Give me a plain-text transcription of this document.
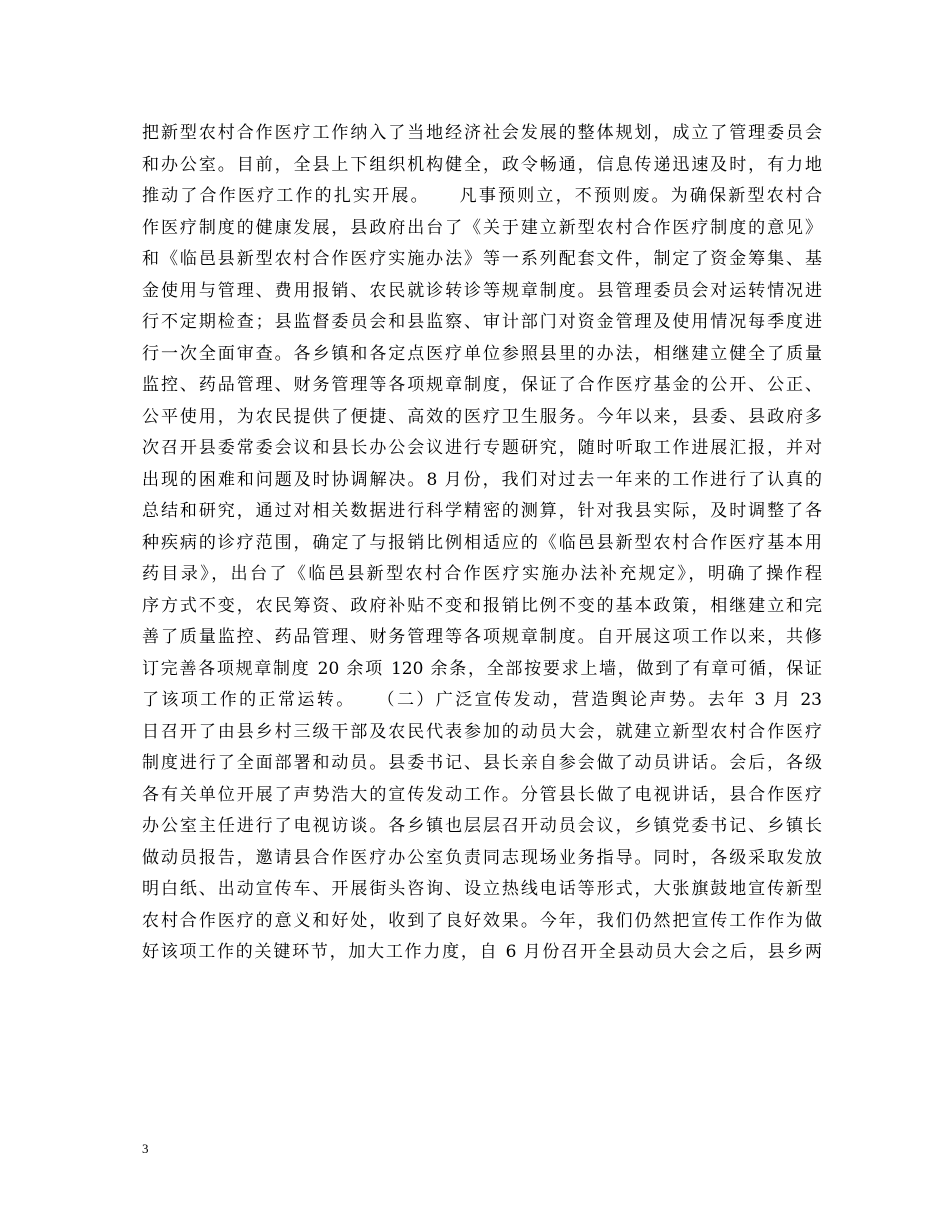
把新型农村合作医疗工作纳入了当地经济社会发展的整体规划，成立了管理委员会
和办公室。目前，全县上下组织机构健全，政令畅通，信息传递迅速及时，有力地
推动了合作医疗工作的扎实开展。　　凡事预则立，不预则废。为确保新型农村合
作医疗制度的健康发展，县政府出台了《关于建立新型农村合作医疗制度的意见》
和《临邑县新型农村合作医疗实施办法》等一系列配套文件，制定了资金筹集、基
金使用与管理、费用报销、农民就诊转诊等规章制度。县管理委员会对运转情况进
行不定期检查；县监督委员会和县监察、审计部门对资金管理及使用情况每季度进
行一次全面审查。各乡镇和各定点医疗单位参照县里的办法，相继建立健全了质量
监控、药品管理、财务管理等各项规章制度，保证了合作医疗基金的公开、公正、
公平使用，为农民提供了便捷、高效的医疗卫生服务。今年以来，县委、县政府多
次召开县委常委会议和县长办公会议进行专题研究，随时听取工作进展汇报，并对
出现的困难和问题及时协调解决。8 月份，我们对过去一年来的工作进行了认真的
总结和研究，通过对相关数据进行科学精密的测算，针对我县实际，及时调整了各
种疾病的诊疗范围，确定了与报销比例相适应的《临邑县新型农村合作医疗基本用
药目录》，出台了《临邑县新型农村合作医疗实施办法补充规定》，明确了操作程
序方式不变，农民筹资、政府补贴不变和报销比例不变的基本政策，相继建立和完
善了质量监控、药品管理、财务管理等各项规章制度。自开展这项工作以来，共修
订完善各项规章制度 20 余项 120 余条，全部按要求上墙，做到了有章可循，保证
了该项工作的正常运转。　　（二）广泛宣传发动，营造舆论声势。去年 3 月 23
日召开了由县乡村三级干部及农民代表参加的动员大会，就建立新型农村合作医疗
制度进行了全面部署和动员。县委书记、县长亲自参会做了动员讲话。会后，各级
各有关单位开展了声势浩大的宣传发动工作。分管县长做了电视讲话，县合作医疗
办公室主任进行了电视访谈。各乡镇也层层召开动员会议，乡镇党委书记、乡镇长
做动员报告，邀请县合作医疗办公室负责同志现场业务指导。同时，各级采取发放
明白纸、出动宣传车、开展街头咨询、设立热线电话等形式，大张旗鼓地宣传新型
农村合作医疗的意义和好处，收到了良好效果。今年，我们仍然把宣传工作作为做
好该项工作的关键环节，加大工作力度，自 6 月份召开全县动员大会之后，县乡两
3
